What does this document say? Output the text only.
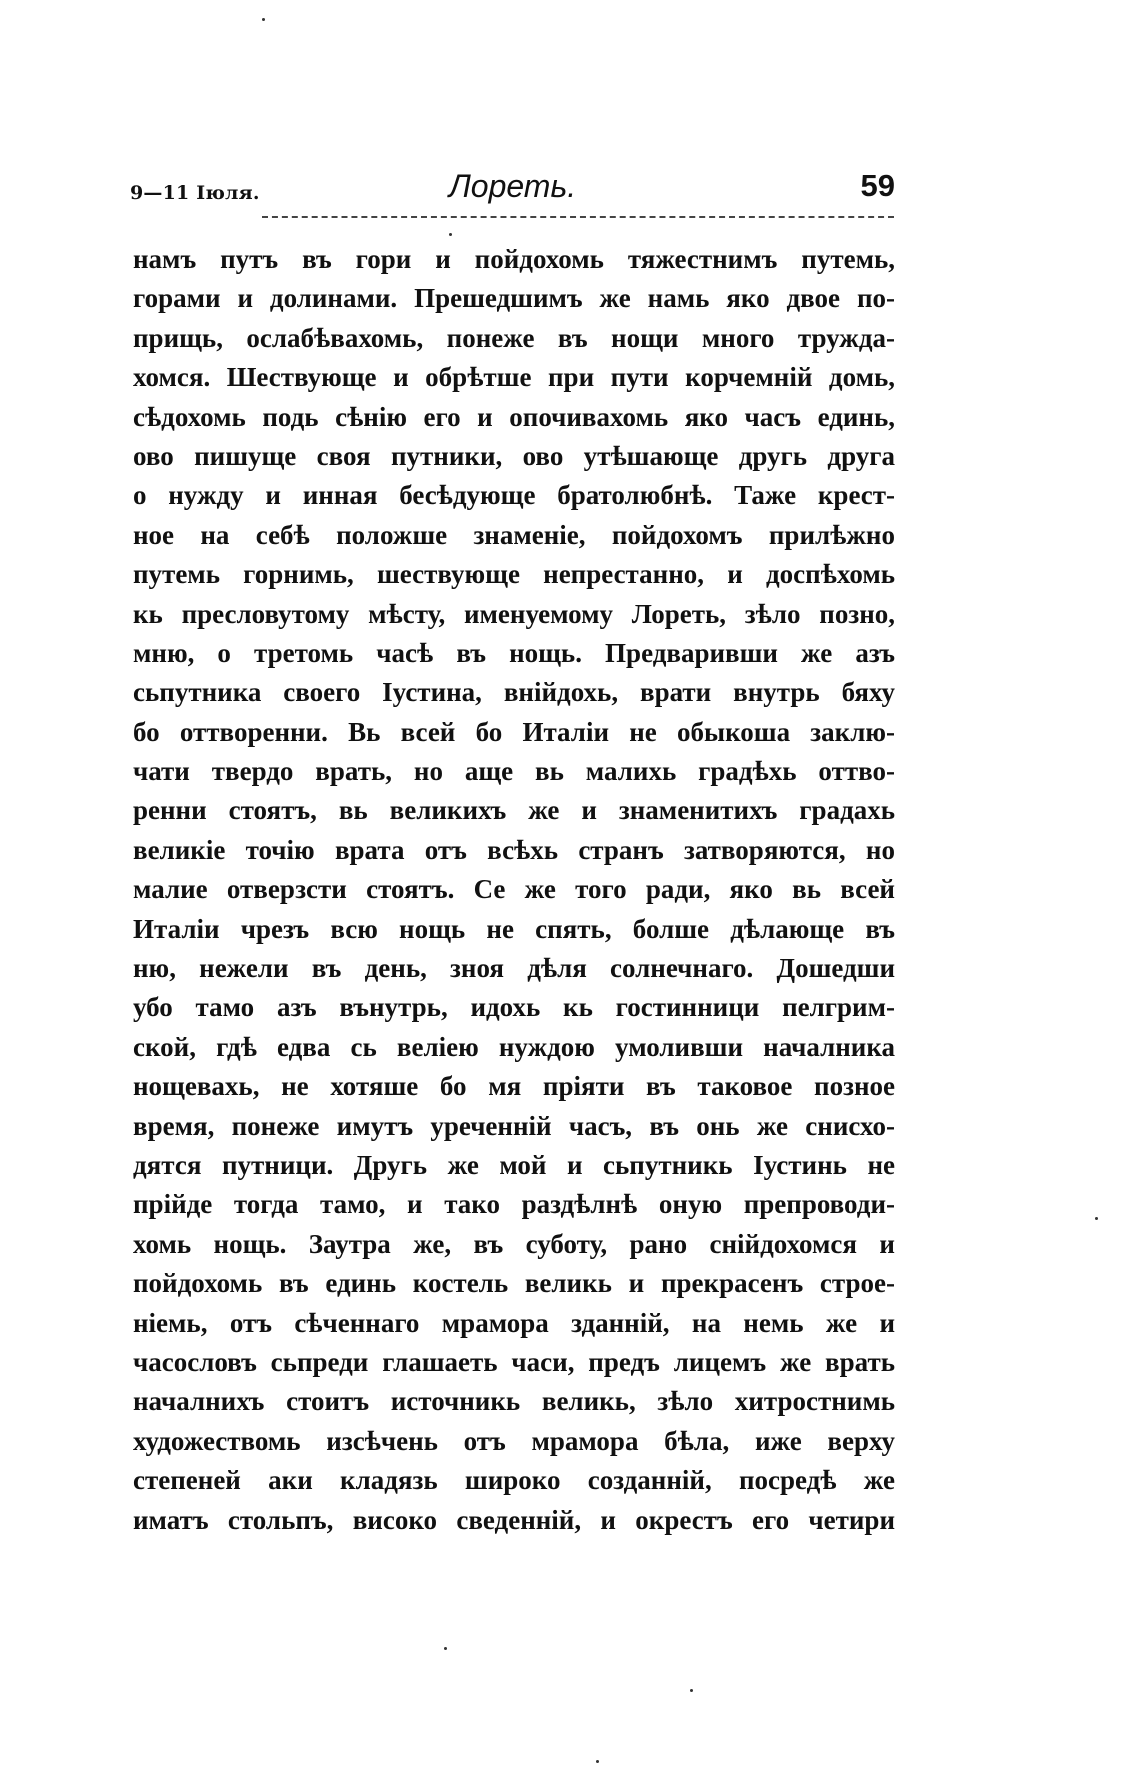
9—11 Іюля.	Лореть.	59
намъ путъ въ гори и пойдохомь тяжестнимъ путемь,
горами и долинами. Прешедшимъ же намь яко двое по-
прищь, ослабѣвахомь, понеже въ нощи много труждa-
хомся. Шествующе и обрѣтше при пути корчемній домь,
сѣдохомь подь сѣнію его и опочивахомь яко часъ единь,
ово пишуще своя путники, ово утѣшающе другь друга
о нужду и инная бесѣдующе братолюбнѣ. Таже крест-
ное на себѣ положше знаменіе, пойдохомъ прилѣжно
путемь горнимь, шествующе непрестанно, и доспѣхомь
кь пресловутому мѣсту, именуемому Лореть, зѣло позно,
мню, о третомь часѣ въ нощь. Предваривши же азъ
сьпутника своего Іустина, внійдохь, врати внутрь бяху
бо оттворенни. Вь всей бо Италіи не обыкоша заклю-
чати твердо врать, но аще вь малихь градѣхь оттво-
ренни стоятъ, вь великихъ же и знаменитихъ градахь
великіе точію врата отъ всѣхь странъ затворяются, но
малие отверзсти стоятъ. Се же того ради, яко вь всей
Италіи чрезъ всю нощь не спять, болше дѣлающе въ
ню, нежели въ день, зноя дѣля солнечнаго. Дошедши
убо тамо азъ вънутрь, идохь кь гостинници пелгрим-
ской, гдѣ едва сь веліею нуждою умоливши началника
нощевахь, не хотяше бо мя пріяти въ таковое позное
время, понеже имутъ уреченній часъ, въ онь же снисхо-
дятся путници. Другь же мой и сьпутникь Іустинь не
прійде тогда тамо, и тако раздѣлнѣ оную препроводи-
хомь нощь. Заутра же, въ суботу, рано снійдохомся и
пойдохомь въ единь костель великь и прекрасенъ строе-
ніемь, отъ сѣченнаго мрамора зданній, на немь же и
часословъ сьпреди глашаеть часи, предъ лицемъ же врать
началнихъ стоитъ источникь великь, зѣло хитростнимь
художествомь изсѣчень отъ мрамора бѣла, иже верху
степеней аки кладязь широко созданній, посредѣ же
иматъ стольпъ, високо сведенній, и окрестъ его четири
